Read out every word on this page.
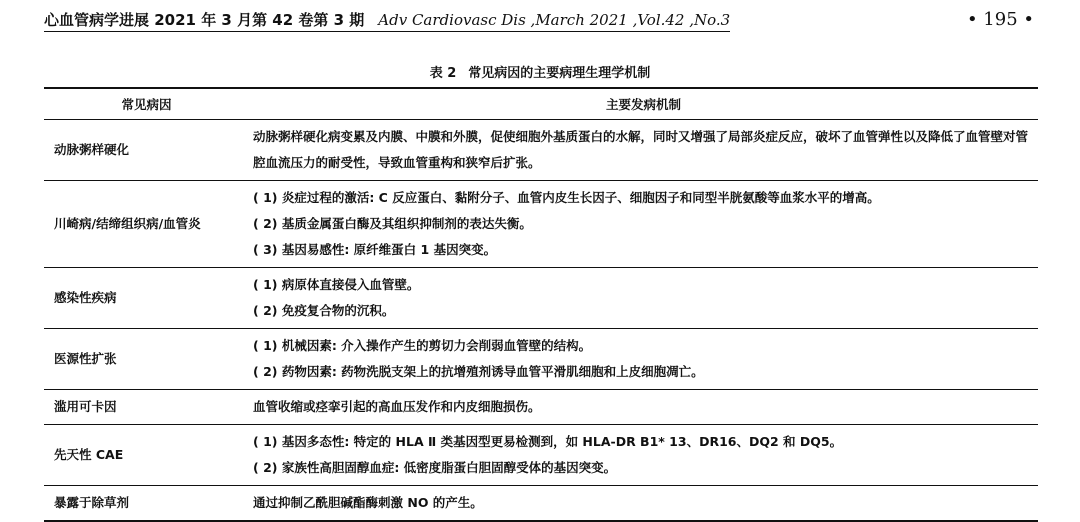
心血管病学进展 2021 年 3 月第 42 卷第 3 期 Adv Cardiovasc Dis ,March 2021 ,Vol.42 ,No.3	• 195 •
表 2 常见病因的主要病理生理学机制
常见病因	主要发病机制
动脉粥样硬化	动脉粥样硬化病变累及内膜、中膜和外膜，促使细胞外基质蛋白的水解，同时又增强了局部炎症反应，破坏了血管弹性以及降低了血管壁对管腔血流压力的耐受性，导致血管重构和狭窄后扩张。

川崎病/结缔组织病/血管炎	( 1) 炎症过程的激活: C 反应蛋白、黏附分子、血管内皮生长因子、细胞因子和同型半胱氨酸等血浆水平的增高。
( 2) 基质金属蛋白酶及其组织抑制剂的表达失衡。
( 3) 基因易感性: 原纤维蛋白 1 基因突变。

感染性疾病	( 1) 病原体直接侵入血管壁。
( 2) 免疫复合物的沉积。

医源性扩张	( 1) 机械因素: 介入操作产生的剪切力会削弱血管壁的结构。
( 2) 药物因素: 药物洗脱支架上的抗增殖剂诱导血管平滑肌细胞和上皮细胞凋亡。

滥用可卡因	血管收缩或痉挛引起的高血压发作和内皮细胞损伤。

先天性 CAE	( 1) 基因多态性: 特定的 HLA Ⅱ 类基因型更易检测到，如 HLA-DR B1* 13、DR16、DQ2 和 DQ5。
( 2) 家族性高胆固醇血症: 低密度脂蛋白胆固醇受体的基因突变。

暴露于除草剂	通过抑制乙酰胆碱酯酶刺激 NO 的产生。
